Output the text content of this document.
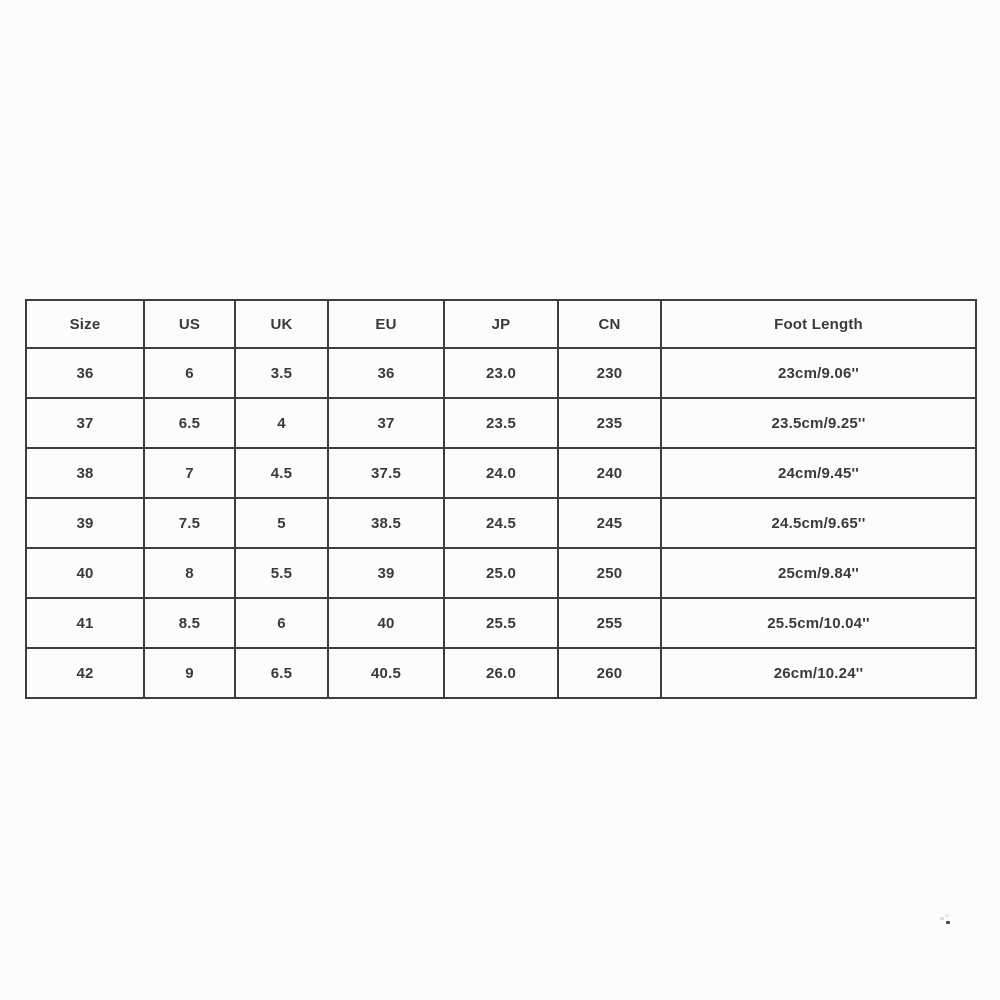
Size	US	UK	EU	JP	CN	Foot Length
36	6	3.5	36	23.0	230	23cm/9.06''
37	6.5	4	37	23.5	235	23.5cm/9.25''
38	7	4.5	37.5	24.0	240	24cm/9.45''
39	7.5	5	38.5	24.5	245	24.5cm/9.65''
40	8	5.5	39	25.0	250	25cm/9.84''
41	8.5	6	40	25.5	255	25.5cm/10.04''
42	9	6.5	40.5	26.0	260	26cm/10.24''
